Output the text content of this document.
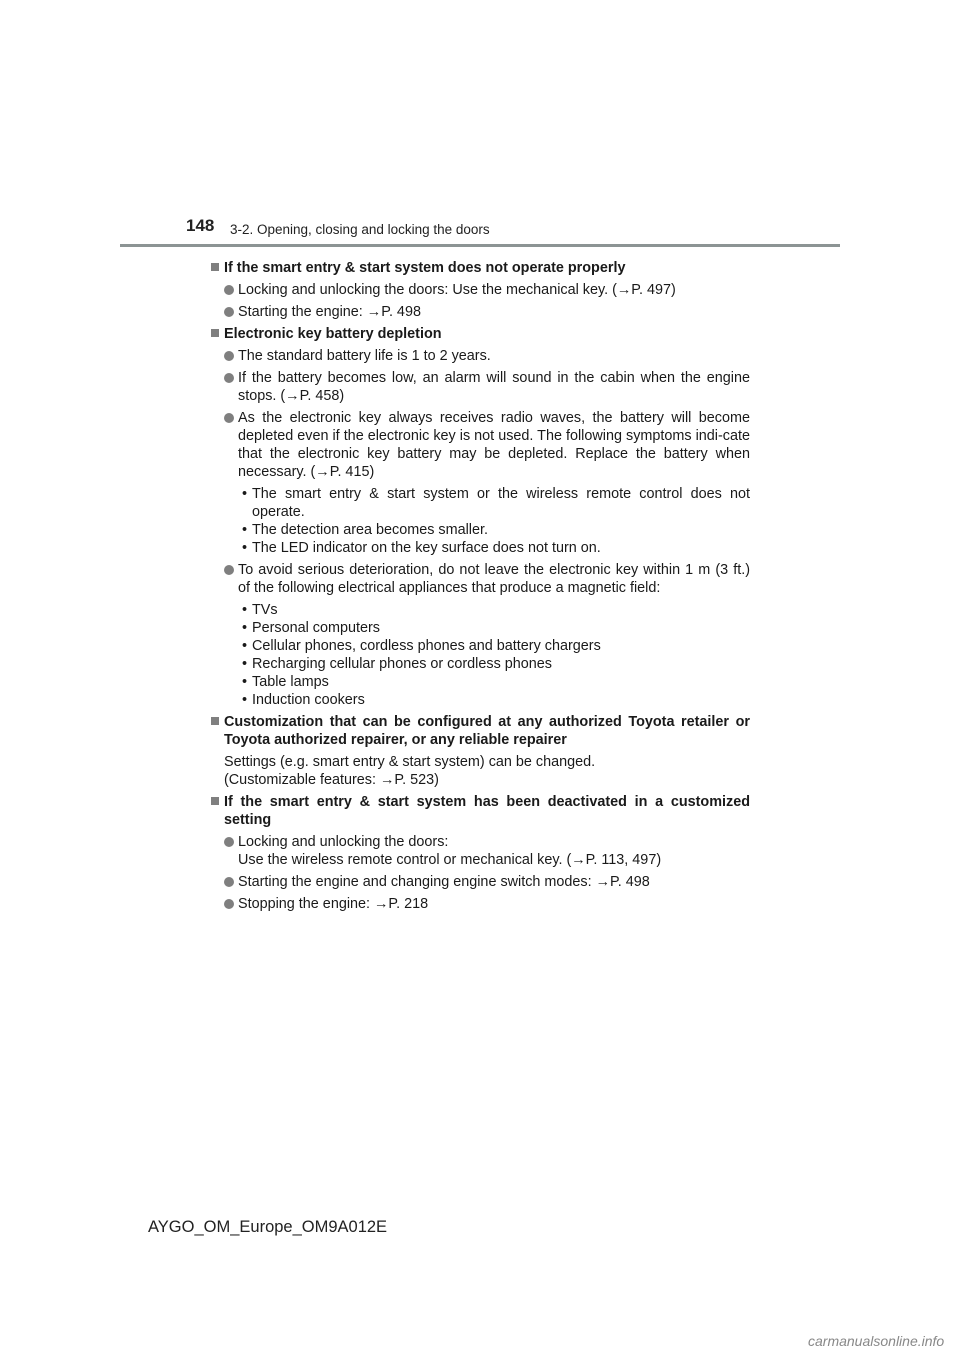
148 3-2. Opening, closing and locking the doors
If the smart entry & start system does not operate properly
Locking and unlocking the doors: Use the mechanical key. (→P. 497)
Starting the engine: →P. 498
Electronic key battery depletion
The standard battery life is 1 to 2 years.
If the battery becomes low, an alarm will sound in the cabin when the engine stops. (→P. 458)
As the electronic key always receives radio waves, the battery will become depleted even if the electronic key is not used. The following symptoms indi-cate that the electronic key battery may be depleted. Replace the battery when necessary. (→P. 415)
• The smart entry & start system or the wireless remote control does not operate.
• The detection area becomes smaller.
• The LED indicator on the key surface does not turn on.
To avoid serious deterioration, do not leave the electronic key within 1 m (3 ft.) of the following electrical appliances that produce a magnetic field:
• TVs
• Personal computers
• Cellular phones, cordless phones and battery chargers
• Recharging cellular phones or cordless phones
• Table lamps
• Induction cookers
Customization that can be configured at any authorized Toyota retailer or Toyota authorized repairer, or any reliable repairer
Settings (e.g. smart entry & start system) can be changed.
(Customizable features: →P. 523)
If the smart entry & start system has been deactivated in a customized setting
Locking and unlocking the doors:
Use the wireless remote control or mechanical key. (→P. 113, 497)
Starting the engine and changing engine switch modes: →P. 498
Stopping the engine: →P. 218
AYGO_OM_Europe_OM9A012E
carmanualsonline.info
